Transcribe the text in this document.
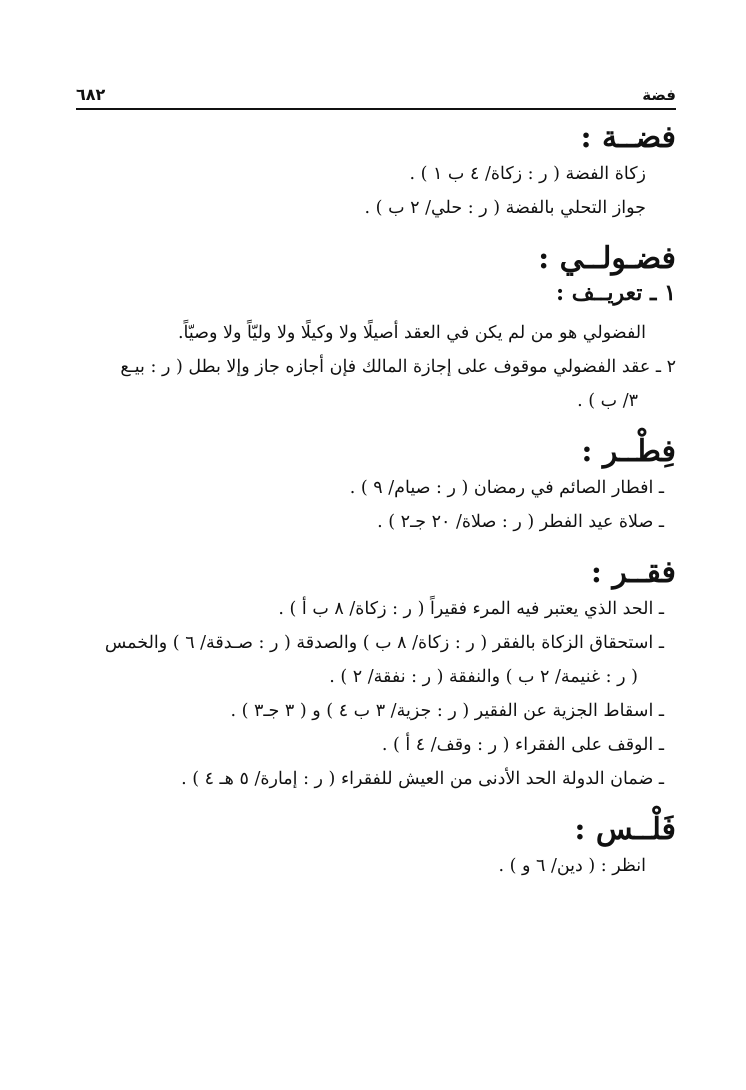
فضة
٦٨٢
فضــة :

زكاة الفضة ( ر : زكاة/ ٤ ب ١ ) .

جواز التحلي بالفضة ( ر : حلي/ ٢ ب ) .

فضـولــي :
١ ـ تعريــف :

الفضولي هو من لم يكن في العقد أصيلًا ولا وكيلًا ولا وليّاً ولا وصيّاً.

٢ ـ عقد الفضولي موقوف على إجازة المالك فإن أجازه جاز وإلا بطل ( ر : بيـع

٣/ ب ) .

فِطْــر :

ـ افطار الصائم في رمضان ( ر : صيام/ ٩ ) .

ـ صلاة عيد الفطر ( ر : صلاة/ ٢٠ جـ٢ ) .

فقــر :

ـ الحد الذي يعتبر فيه المرء فقيراً ( ر : زكاة/ ٨ ب أ ) .

ـ استحقاق الزكاة بالفقر ( ر : زكاة/ ٨ ب ) والصدقة ( ر : صـدقة/ ٦ ) والخمس

( ر : غنيمة/ ٢ ب ) والنفقة ( ر : نفقة/ ٢ ) .

ـ اسقاط الجزية عن الفقير ( ر : جزية/ ٣ ب ٤ ) و ( ٣ جـ٣ ) .

ـ الوقف على الفقراء ( ر : وقف/ ٤ أ ) .

ـ ضمان الدولة الحد الأدنى من العيش للفقراء ( ر : إمارة/ ٥ هـ ٤ ) .

فَلْــس :

انظر : ( دين/ ٦ و ) .
